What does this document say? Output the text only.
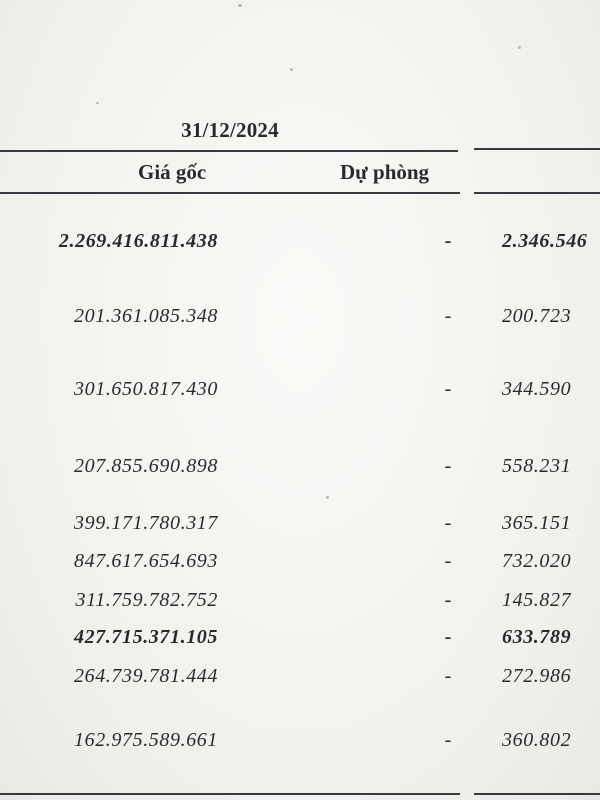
31/12/2024
Giá gốc	Dự phòng
2.269.416.811.438	-	2.346.546
201.361.085.348	-	200.723
301.650.817.430	-	344.590
207.855.690.898	-	558.231
399.171.780.317	-	365.151
847.617.654.693	-	732.020
311.759.782.752	-	145.827
427.715.371.105	-	633.789
264.739.781.444	-	272.986
162.975.589.661	-	360.802
